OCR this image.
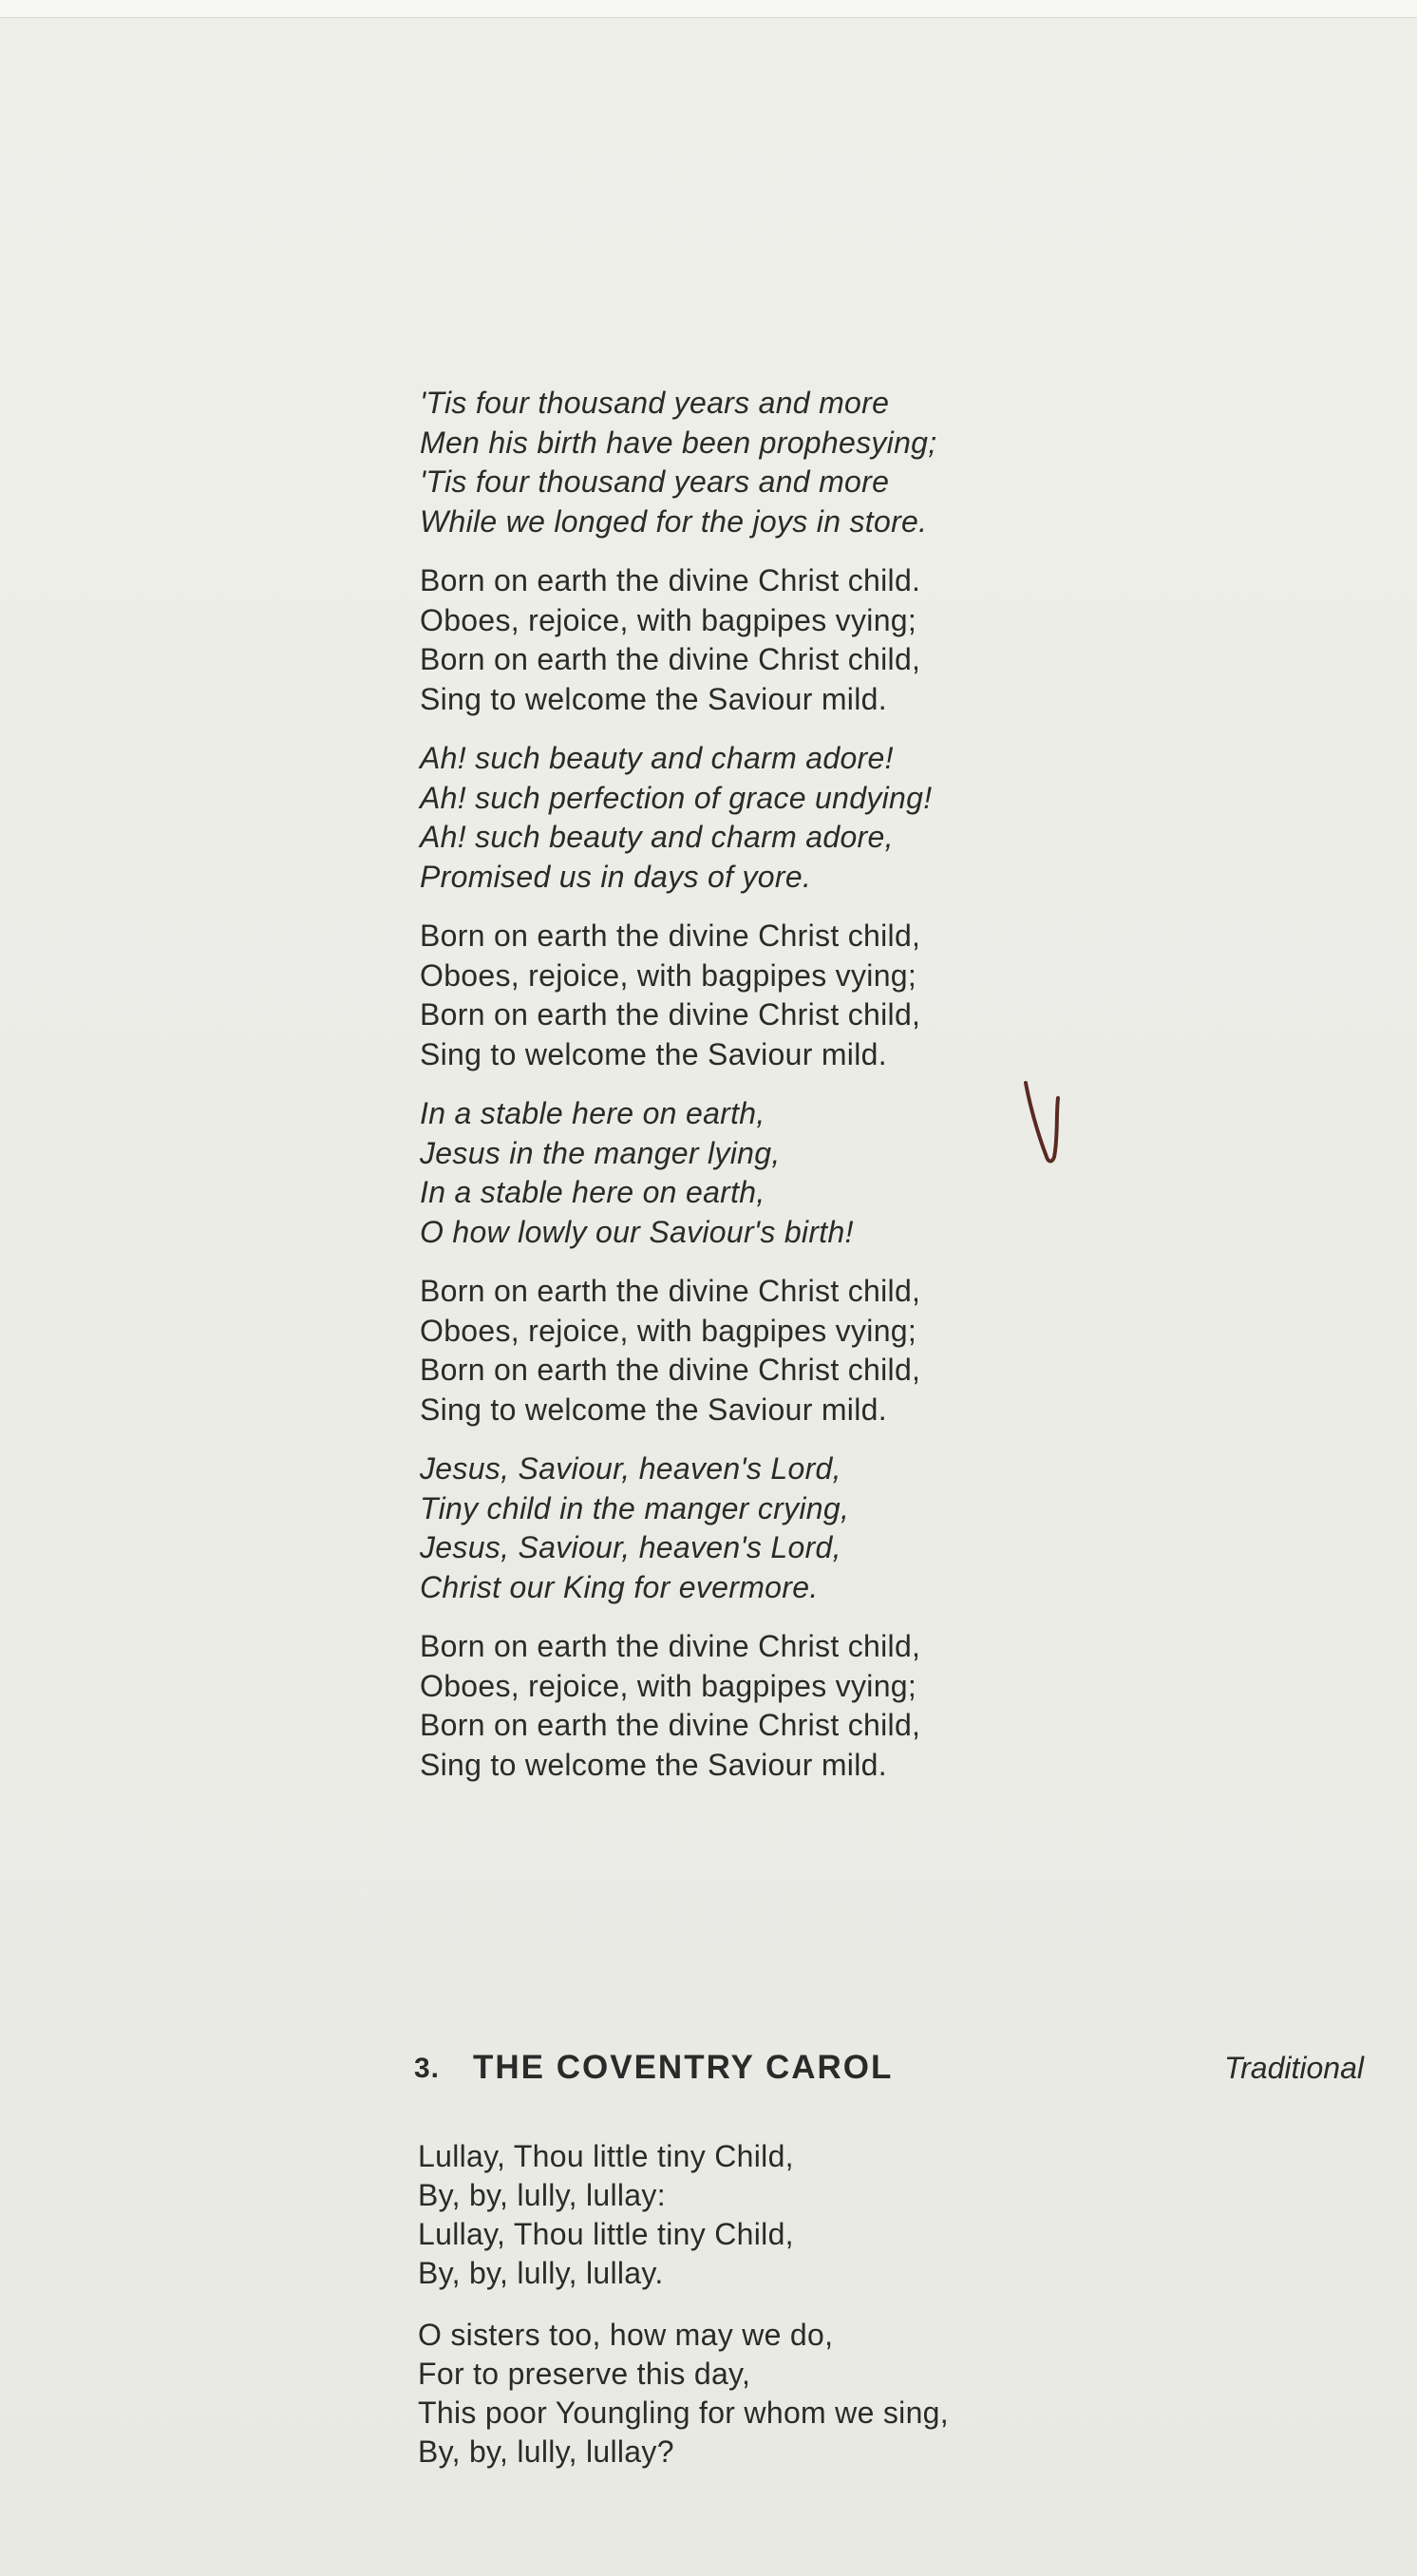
'Tis four thousand years and more
Men his birth have been prophesying;
'Tis four thousand years and more
While we longed for the joys in store.
Born on earth the divine Christ child.
Oboes, rejoice, with bagpipes vying;
Born on earth the divine Christ child,
Sing to welcome the Saviour mild.
Ah! such beauty and charm adore!
Ah! such perfection of grace undying!
Ah! such beauty and charm adore,
Promised us in days of yore.
Born on earth the divine Christ child,
Oboes, rejoice, with bagpipes vying;
Born on earth the divine Christ child,
Sing to welcome the Saviour mild.
In a stable here on earth,
Jesus in the manger lying,
In a stable here on earth,
O how lowly our Saviour's birth!
Born on earth the divine Christ child,
Oboes, rejoice, with bagpipes vying;
Born on earth the divine Christ child,
Sing to welcome the Saviour mild.
Jesus, Saviour, heaven's Lord,
Tiny child in the manger crying,
Jesus, Saviour, heaven's Lord,
Christ our King for evermore.
Born on earth the divine Christ child,
Oboes, rejoice, with bagpipes vying;
Born on earth the divine Christ child,
Sing to welcome the Saviour mild.
3. THE COVENTRY CAROL	Traditional
Lullay, Thou little tiny Child,
By, by, lully, lullay:
Lullay, Thou little tiny Child,
By, by, lully, lullay.
O sisters too, how may we do,
For to preserve this day,
This poor Youngling for whom we sing,
By, by, lully, lullay?
